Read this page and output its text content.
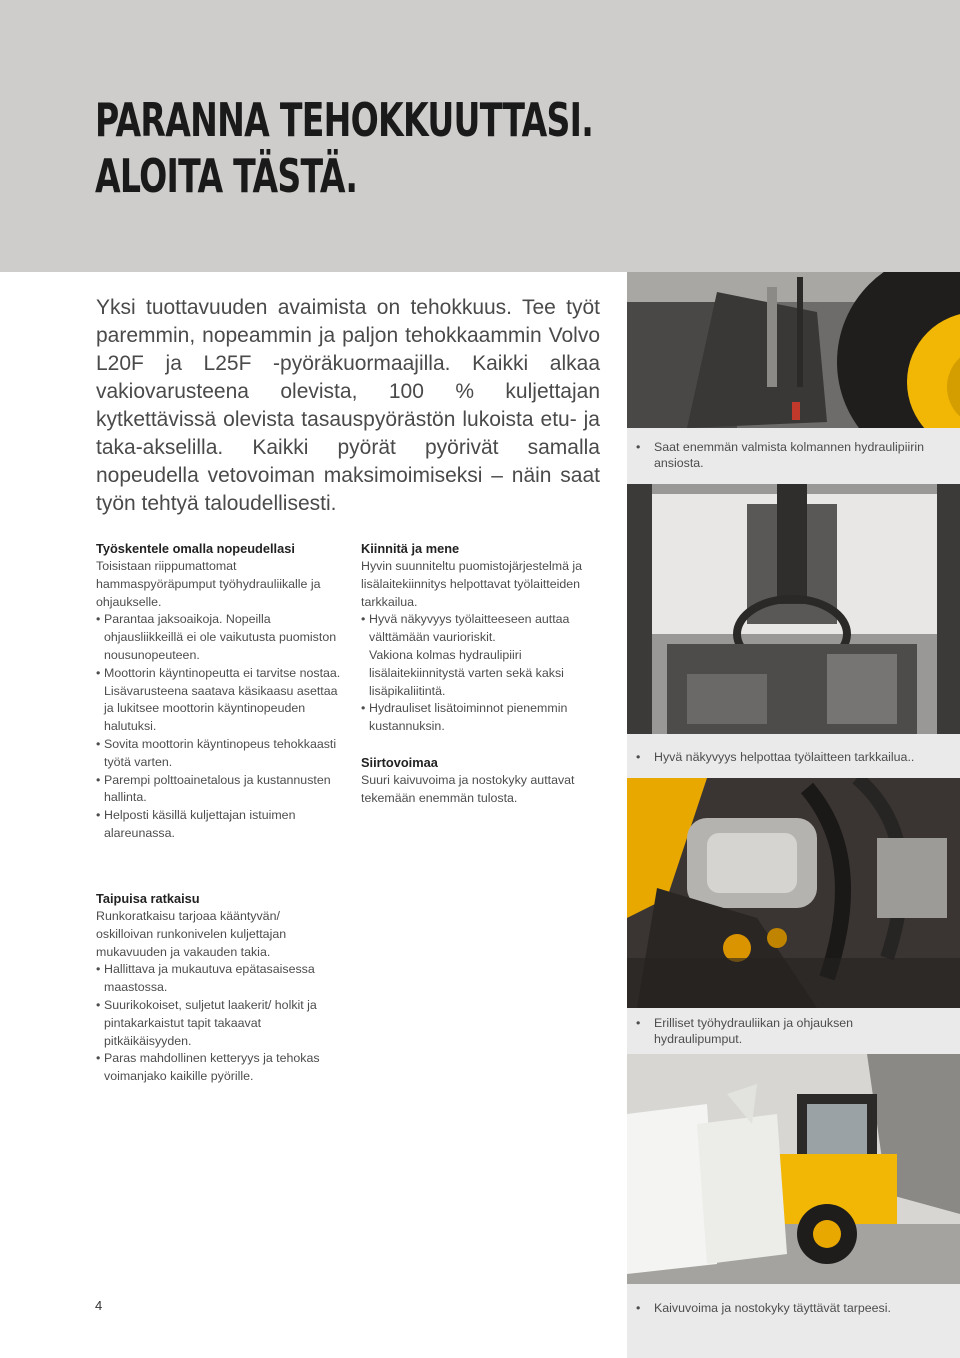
PARANNA TEHOKKUUTTASI.
ALOITA TÄSTÄ.

Yksi tuottavuuden avaimista on tehokkuus. Tee työt paremmin, nopeammin ja paljon tehokkaammin Volvo L20F ja L25F -pyöräkuormaajilla. Kaikki alkaa vakiovarusteena olevista, 100 % kuljettajan kytkettävissä olevista tasauspyörästön lukoista etu- ja taka-akselilla. Kaikki pyörät pyörivät samalla nopeudella vetovoiman maksimoimiseksi – näin saat työn tehtyä taloudellisesti.

Työskentele omalla nopeudellasi

Toisistaan riippumattomat hammaspyöräpumput työhydrauliikalle ja ohjaukselle.

• Parantaa jaksoaikoja. Nopeilla ohjausliikkeillä ei ole vaikutusta puomiston nousunopeuteen.
• Moottorin käyntinopeutta ei tarvitse nostaa.
Lisävarusteena saatava käsikaasu asettaa ja lukitsee moottorin käyntinopeuden halutuksi.
• Sovita moottorin käyntinopeus tehokkaasti työtä varten.
• Parempi polttoainetalous ja kustannusten hallinta.
• Helposti käsillä kuljettajan istuimen alareunassa.
Kiinnitä ja mene

Hyvin suunniteltu puomistojärjestelmä ja lisälaitekiinnitys helpottavat työlaitteiden tarkkailua.

• Hyvä näkyvyys työlaitteeseen auttaa välttämään vaurioriskit.
Vakiona kolmas hydraulipiiri lisälaitekiinnitystä varten sekä kaksi lisäpikaliitintä.
• Hydrauliset lisätoiminnot pienemmin kustannuksin.
Siirtovoimaa

Suuri kaivuvoima ja nostokyky auttavat tekemään enemmän tulosta.

Taipuisa ratkaisu

Runkoratkaisu tarjoaa kääntyvän/ oskilloivan runkonivelen kuljettajan mukavuuden ja vakauden takia.

• Hallittava ja mukautuva epätasaisessa maastossa.
• Suurikokoiset, suljetut laakerit/ holkit ja pintakarkaistut tapit takaavat pitkäikäisyyden.
• Paras mahdollinen ketteryys ja tehokas voimanjako kaikille pyörille.
• Saat enemmän valmista kolmannen hydraulipiirin ansiosta.
• Hyvä näkyvyys helpottaa työlaitteen tarkkailua..
• Erilliset työhydrauliikan ja ohjauksen hydraulipumput.
• Kaivuvoima ja nostokyky täyttävät tarpeesi.
4
